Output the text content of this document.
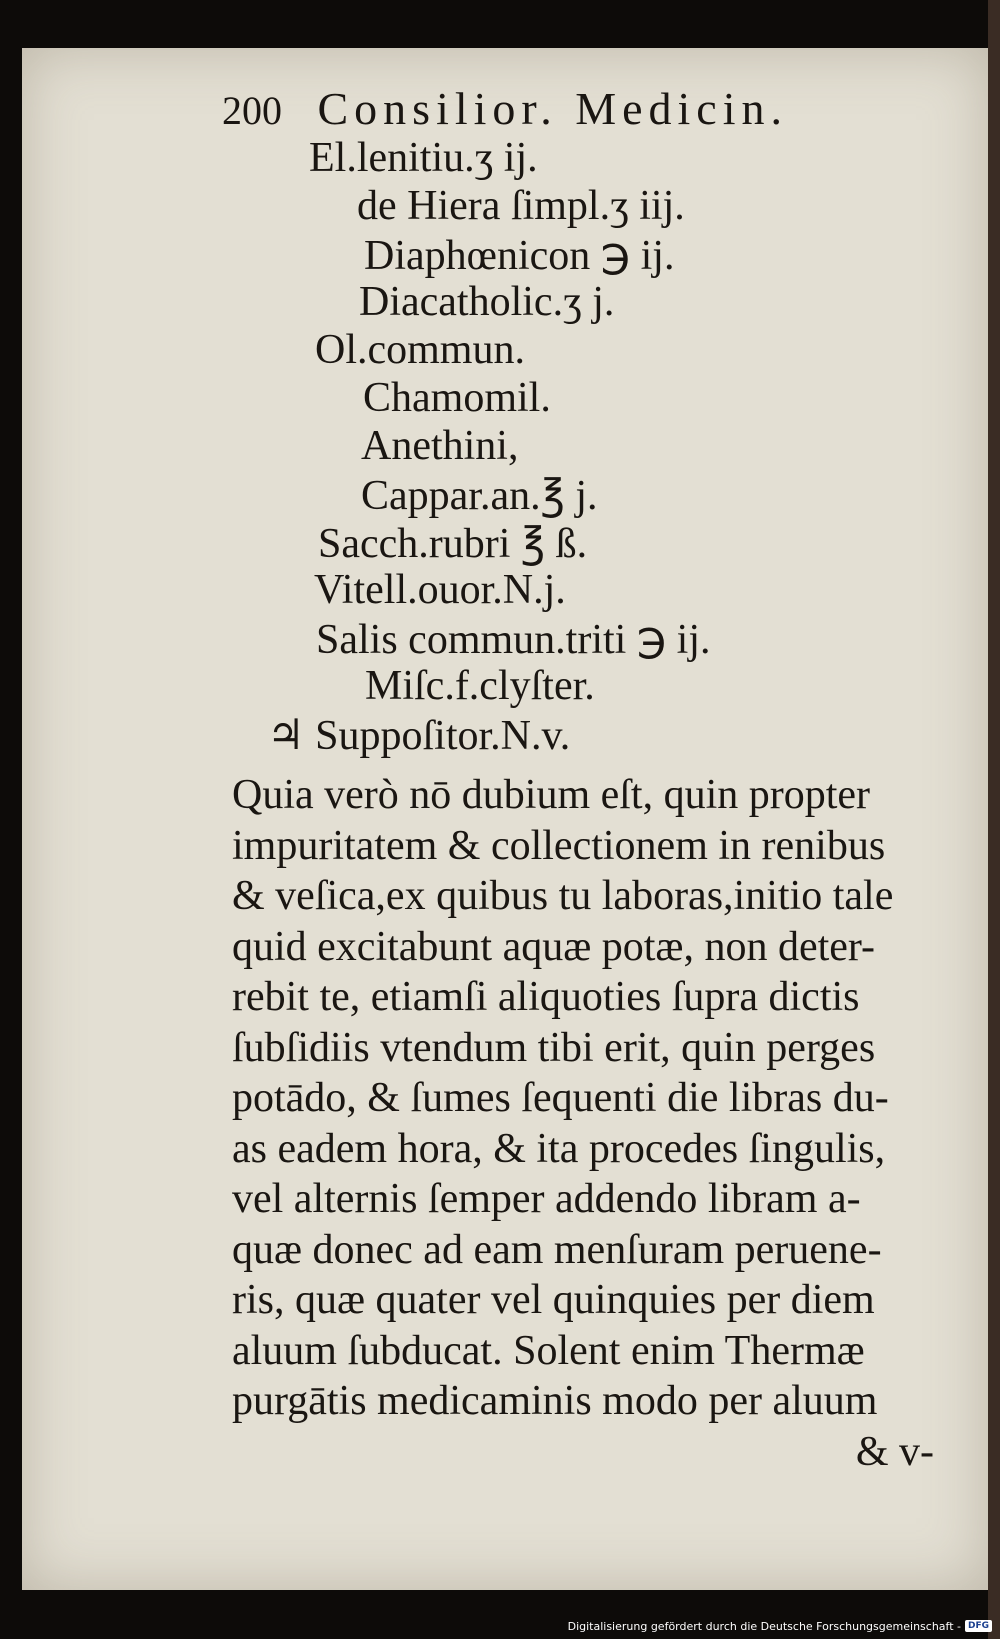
200 Consilior. Medicin.
El.lenitiu.ʒ ij.
de Hiera ſimpl.ʒ iij.
Diaphœnicon ℈ ij.
Diacatholic.ʒ j.
Ol.commun.
Chamomil.
Anethini,
Cappar.an.℥ j.
Sacch.rubri ℥ ß.
Vitell.ouor.N.j.
Salis commun.triti ℈ ij.
Miſc.f.clyſter.
♃ Suppoſitor.N.v.
Quia verò nō dubium eſt, quin propter
impuritatem & collectionem in renibus
& veſica,ex quibus tu laboras,initio tale
quid excitabunt aquæ potæ, non deter-
rebit te, etiamſi aliquoties ſupra dictis
ſubſidiis vtendum tibi erit, quin perges
potādo, & ſumes ſequenti die libras du-
as eadem hora, & ita procedes ſingulis,
vel alternis ſemper addendo libram a-
quæ donec ad eam menſuram peruene-
ris, quæ quater vel quinquies per diem
aluum ſubducat. Solent enim Thermæ
purgātis medicaminis modo per aluum
& v-
Digitalisierung gefördert durch die Deutsche Forschungsgemeinschaft - DFG
